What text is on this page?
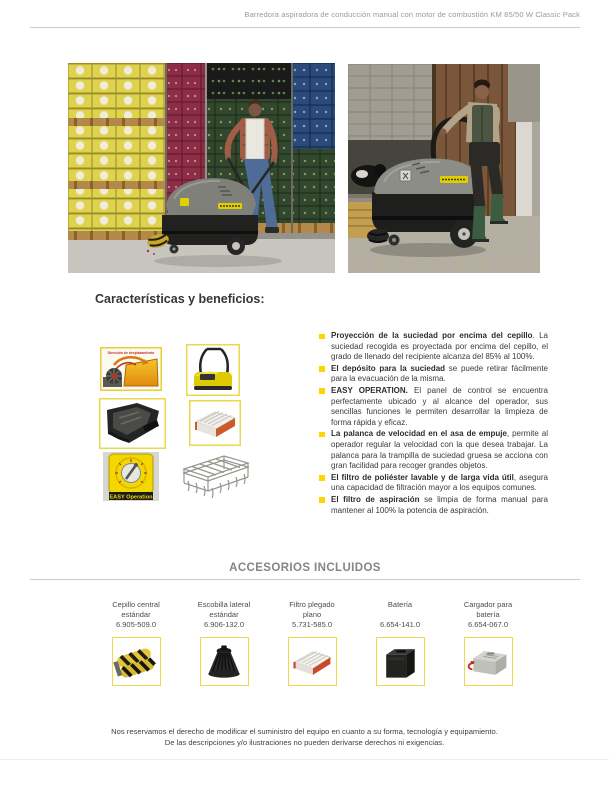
Barredora aspiradora de conducción manual con motor de combustión KM 85/50 W Classic Pack
Características y beneficios:
Dirección de desplazamiento
EASY Operation
Proyección de la suciedad por encima del cepillo. La suciedad recogida es proyectada por encima del cepillo, el grado de llenado del recipiente alcanza del 85% al 100%.
El depósito para la suciedad se puede retirar fácilmente para la evacuación de la misma.
EASY OPERATION. El panel de control se encuentra perfectamente ubicado y al alcance del operador, sus sencillas funciones le permiten desarrollar la limpieza de forma rápida y eficaz.
La palanca de velocidad en el asa de empuje, permite al operador regular la velocidad con la que desea trabajar. La palanca para la trampilla de suciedad gruesa se acciona con gran facilidad para recoger grandes objetos.
El filtro de poliéster lavable y de larga vida útil, asegura una capacidad de filtración mayor a los equipos comunes.
El filtro de aspiración se limpia de forma manual para mantener al 100% la potencia de aspiración.
ACCESORIOS INCLUIDOS
Cepillo central
estándar
6.905-509.0
Escobilla lateral
estándar
6.906-132.0
Filtro plegado
plano
5.731-585.0
Batería
6.654-141.0
Cargador para
batería
6.654-067.0
Nos reservamos el derecho de modificar el suministro del equipo en cuanto a su forma, tecnología y equipamiento.
De las descripciones y/o ilustraciones no pueden derivarse derechos ni exigencias.
